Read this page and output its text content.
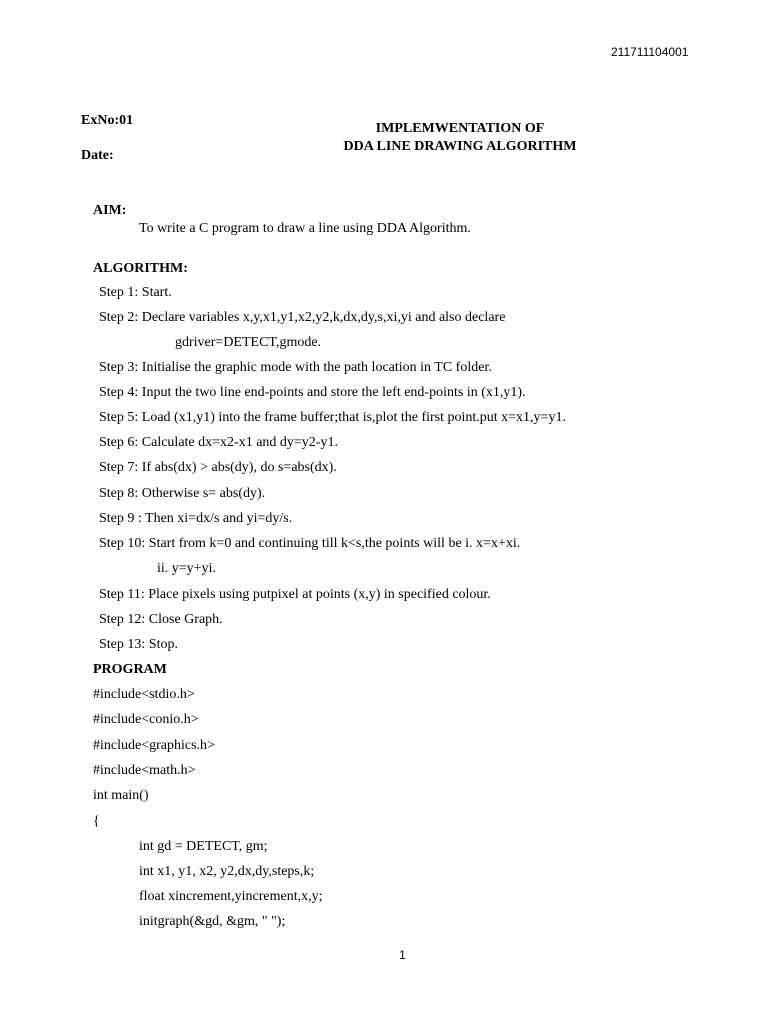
211711104001
ExNo:01
Date:
IMPLEMWENTATION OF
DDA LINE DRAWING ALGORITHM
AIM:
To write a C program to draw a line using DDA Algorithm.
ALGORITHM:
Step 1: Start.
Step 2: Declare variables x,y,x1,y1,x2,y2,k,dx,dy,s,xi,yi and also declare
gdriver=DETECT,gmode.
Step 3: Initialise the graphic mode with the path location in TC folder.
Step 4: Input the two line end-points and store the left end-points in (x1,y1).
Step 5: Load (x1,y1) into the frame buffer;that is,plot the first point.put x=x1,y=y1.
Step 6: Calculate dx=x2-x1 and dy=y2-y1.
Step 7: If abs(dx) > abs(dy), do s=abs(dx).
Step 8: Otherwise s= abs(dy).
Step 9 : Then xi=dx/s and yi=dy/s.
Step 10: Start from k=0 and continuing till k<s,the points will be i. x=x+xi.
ii. y=y+yi.
Step 11: Place pixels using putpixel at points (x,y) in specified colour.
Step 12: Close Graph.
Step 13: Stop.
PROGRAM
#include<stdio.h>
#include<conio.h>
#include<graphics.h>
#include<math.h>
int main()
{
int gd = DETECT, gm;
int x1, y1, x2, y2,dx,dy,steps,k;
float xincrement,yincrement,x,y;
initgraph(&gd, &gm, " ");
1
